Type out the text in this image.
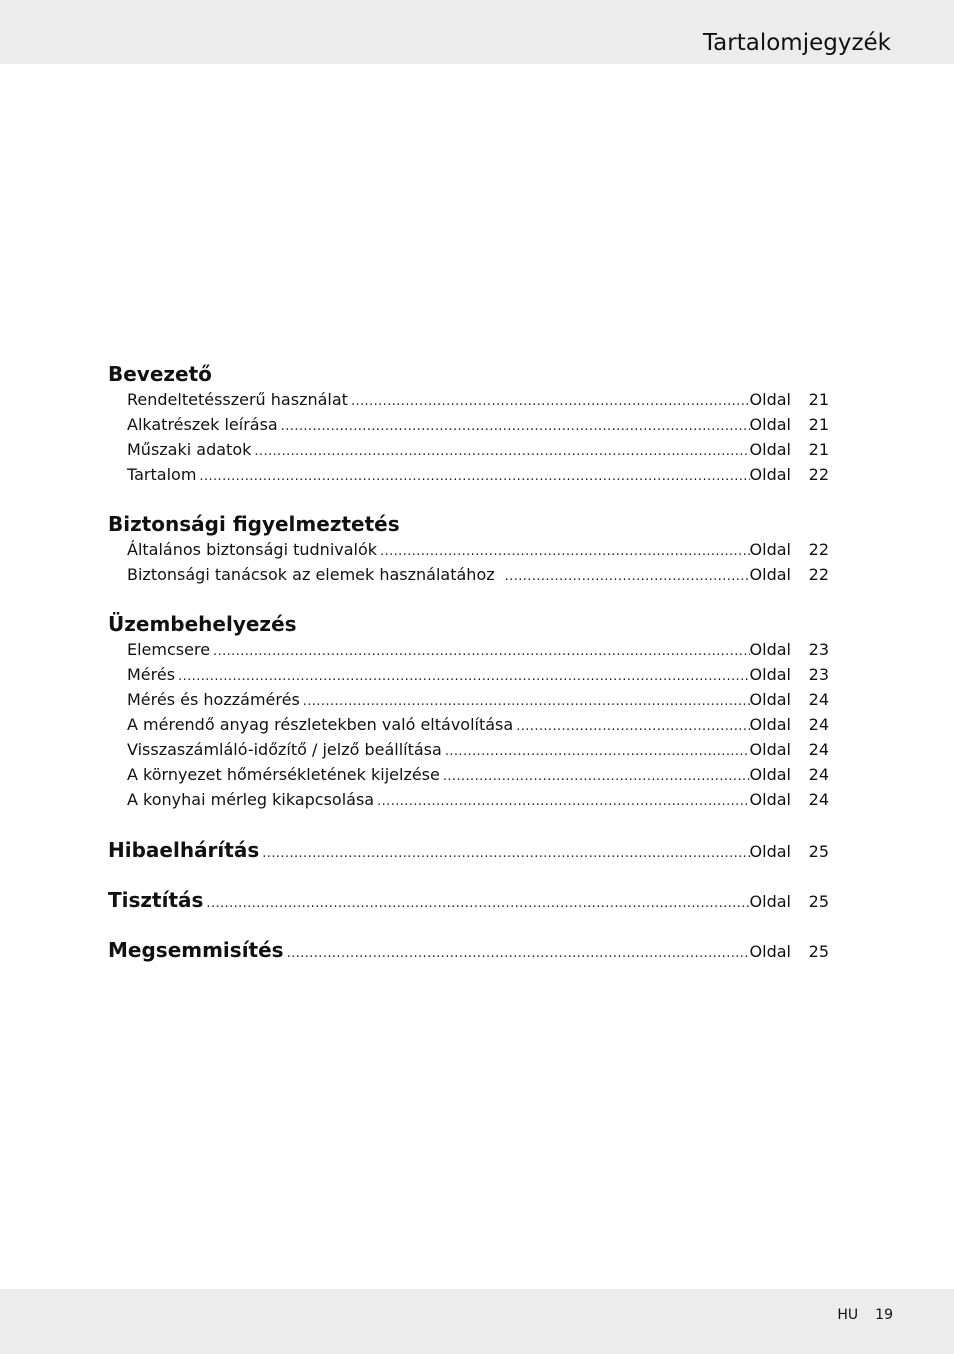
Tartalomjegyzék
Bevezető
Rendeltetésszerű használat .....	Oldal	21
Alkatrészek leírása .....	Oldal	21
Műszaki adatok .....	Oldal	21
Tartalom .....	Oldal	22
Biztonsági figyelmeztetés
Általános biztonsági tudnivalók .....	Oldal	22
Biztonsági tanácsok az elemek használatához .....	Oldal	22
Üzembehelyezés
Elemcsere .....	Oldal	23
Mérés .....	Oldal	23
Mérés és hozzámérés .....	Oldal	24
A mérendő anyag részletekben való eltávolítása .....	Oldal	24
Visszaszámláló-időzítő / jelző beállítása .....	Oldal	24
A környezet hőmérsékletének kijelzése .....	Oldal	24
A konyhai mérleg kikapcsolása .....	Oldal	24
Hibaelhárítás .....	Oldal	25
Tisztítás .....	Oldal	25
Megsemmisítés .....	Oldal	25
HU 19
